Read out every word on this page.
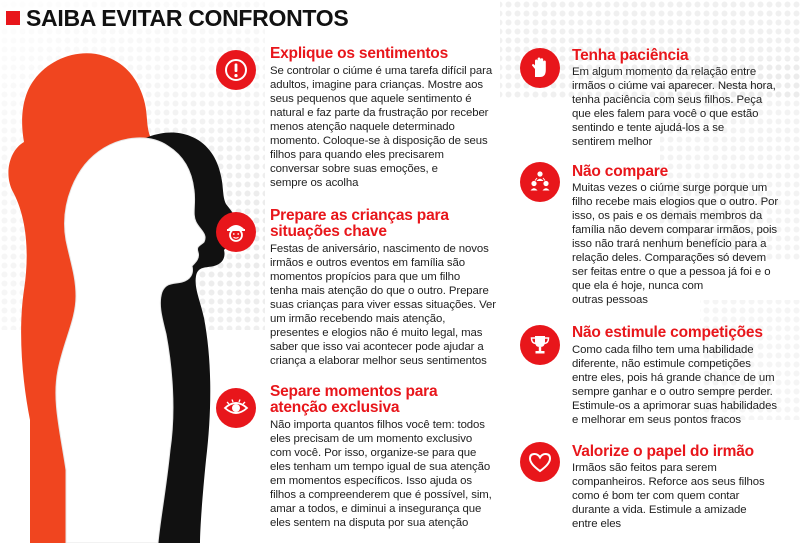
SAIBA EVITAR CONFRONTOS
Explique os sentimentos
Se controlar o ciúme é uma tarefa difícil para
adultos, imagine para crianças. Mostre aos
seus pequenos que aquele sentimento é
natural e faz parte da frustração por receber
menos atenção naquele determinado
momento. Coloque-se à disposição de seus
filhos para quando eles precisarem
conversar sobre suas emoções, e
sempre os acolha
Prepare as crianças para
situações chave
Festas de aniversário, nascimento de novos
irmãos e outros eventos em família são
momentos propícios para que um filho
tenha mais atenção do que o outro. Prepare
suas crianças para viver essas situações. Ver
um irmão recebendo mais atenção,
presentes e elogios não é muito legal, mas
saber que isso vai acontecer pode ajudar a
criança a elaborar melhor seus sentimentos
Separe momentos para
atenção exclusiva
Não importa quantos filhos você tem: todos
eles precisam de um momento exclusivo
com você. Por isso, organize-se para que
eles tenham um tempo igual de sua atenção
em momentos específicos. Isso ajuda os
filhos a compreenderem que é possível, sim,
amar a todos, e diminui a insegurança que
eles sentem na disputa por sua atenção
Tenha paciência
Em algum momento da relação entre
irmãos o ciúme vai aparecer. Nesta hora,
tenha paciência com seus filhos. Peça
que eles falem para você o que estão
sentindo e tente ajudá-los a se
sentirem melhor
Não compare
Muitas vezes o ciúme surge porque um
filho recebe mais elogios que o outro. Por
isso, os pais e os demais membros da
família não devem comparar irmãos, pois
isso não trará nenhum benefício para a
relação deles. Comparações só devem
ser feitas entre o que a pessoa já foi e o
que ela é hoje, nunca com
outras pessoas
Não estimule competições
Como cada filho tem uma habilidade
diferente, não estimule competições
entre eles, pois há grande chance de um
sempre ganhar e o outro sempre perder.
Estimule-os a aprimorar suas habilidades
e melhorar em seus pontos fracos
Valorize o papel do irmão
Irmãos são feitos para serem
companheiros. Reforce aos seus filhos
como é bom ter com quem contar
durante a vida. Estimule a amizade
entre eles
